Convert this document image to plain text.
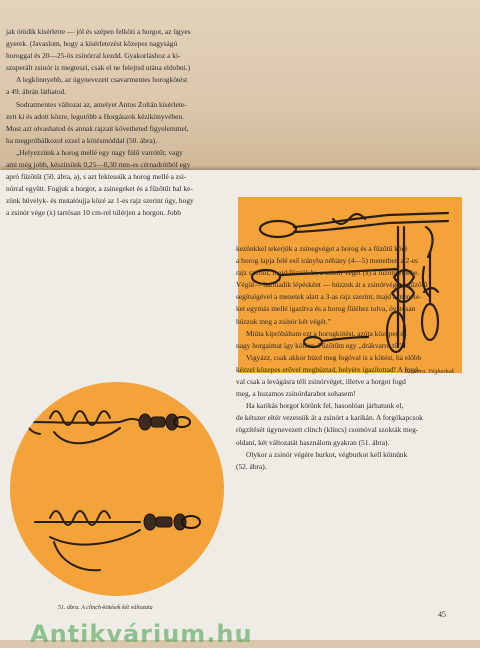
jak ötödik kísérletre — jól és szépen felköti a horgot, az ügyes

gyerek. (Javaslom, hogy a kísérletezést közepes nagyságú

horoggal és 20—25-ös zsinórral kezdd. Gyakorláshoz a ki-

szuperált zsinór is megteszi, csak el ne felejtsd utána eldobni.)

A legkönnyebb, az úgynevezett csavarmentes horogkötést

a 49. ábrán láthatod.

Sodratmentes változat az, amelyet Antos Zoltán kísérlete-

zett ki és adott közre, legutóbb a Horgászok kézikönyvében.

Most azt olvashatod és annak rajzait követheted figyelemmel,

ha megpróbálkozol ezzel a kötésmóddal (50. ábra).

„Helyezzünk a horog mellé egy nagy fülű varrótűt, vagy

ami még jobb, készítsünk 0,25—0,30 mm-es cérnadrótból egy

apró fűzőtűt (50. ábra, a), s azt fektessük a horog mellé a zsi-

nórral együtt. Fogjuk a horgot, a zsinegeket és a fűzőtűt bal ke-

zünk hüvelyk- és mutatóujja közé az 1-es rajz szerint úgy, hogy

a zsinór vége (x) tartósan 10 cm-rel túlérjen a horgon. Jobb

52. ábra. Véghurkok
51. ábra. A clinch-kötések két változata

kezünkkel tekerjük a zsinegvéget a horog és a fűzőtű köré

a horog lapja felé eső irányba néhány (4—5) menetben a 2-es

rajz szerint, majd fűzzük be a zsinór végét (x) a fűzőtű fülébe.

Végül— harmadik lépésként — húzzuk át a zsinórvéget a fűzőtű

segítségével a menetek alatt a 3-as rajz szerint, majd a menete-

ket egymás mellé igazítva és a horog füléhez tolva, óvatosan

húzzuk meg a zsinór két végét.”

Miúta kipróbáltam ezt a horogkötést, azóta közepes és

nagy horgaimat így kötöm. Fűzőtűm egy „drákvarró tű”.

Vigyázz, csak akkor húzd meg fogóval is a kötést, ha előbb

kézzel közepes erővel meghúztad, helyére igazítottad! A fogó-

val csak a levágásra téli zsinórvéget, illetve a horgot fogd

meg, a huzamos zsinórdarabot sohasem!

Ha karikás horgot kötünk fel, hasonlóan járhatunk el,

de kétszer eltér vezessük át a zsinórt a karikán. A forgókapcsok

rögzítését úgynevezett clinch (klincs) csomóval szokták meg-

oldani, két változatát használom gyakran (51. ábra).

Olykor a zsinór végére hurkot, végburkot kell kötnünk

(52. ábra).

45
Antikvárium.hu
